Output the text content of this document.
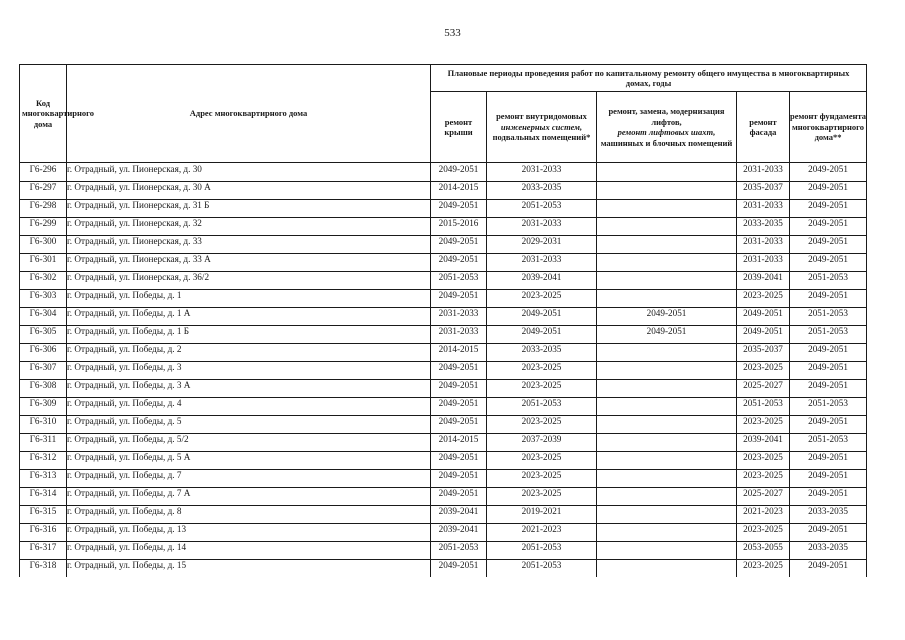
533
Код многоквартирного дома	Адрес многоквартирного дома	Плановые периоды проведения работ по капитальному ремонту общего имущества в многоквартирных домах, годы				
		ремонт крыши	ремонт внутридомовых
инженерных систем,
подвальных помещений*	ремонт, замена, модернизация лифтов,
ремонт лифтовых шахт,
машинных и блочных помещений	ремонт фасада	ремонт фундамента многоквартирного дома**
Г6-296	г. Отрадный, ул. Пионерская, д. 30	2049-2051	2031-2033		2031-2033	2049-2051
Г6-297	г. Отрадный, ул. Пионерская, д. 30 А	2014-2015	2033-2035		2035-2037	2049-2051
Г6-298	г. Отрадный, ул. Пионерская, д. 31 Б	2049-2051	2051-2053		2031-2033	2049-2051
Г6-299	г. Отрадный, ул. Пионерская, д. 32	2015-2016	2031-2033		2033-2035	2049-2051
Г6-300	г. Отрадный, ул. Пионерская, д. 33	2049-2051	2029-2031		2031-2033	2049-2051
Г6-301	г. Отрадный, ул. Пионерская, д. 33 А	2049-2051	2031-2033		2031-2033	2049-2051
Г6-302	г. Отрадный, ул. Пионерская, д. 36/2	2051-2053	2039-2041		2039-2041	2051-2053
Г6-303	г. Отрадный, ул. Победы, д. 1	2049-2051	2023-2025		2023-2025	2049-2051
Г6-304	г. Отрадный, ул. Победы, д. 1 А	2031-2033	2049-2051	2049-2051	2049-2051	2051-2053
Г6-305	г. Отрадный, ул. Победы, д. 1 Б	2031-2033	2049-2051	2049-2051	2049-2051	2051-2053
Г6-306	г. Отрадный, ул. Победы, д. 2	2014-2015	2033-2035		2035-2037	2049-2051
Г6-307	г. Отрадный, ул. Победы, д. 3	2049-2051	2023-2025		2023-2025	2049-2051
Г6-308	г. Отрадный, ул. Победы, д. 3 А	2049-2051	2023-2025		2025-2027	2049-2051
Г6-309	г. Отрадный, ул. Победы, д. 4	2049-2051	2051-2053		2051-2053	2051-2053
Г6-310	г. Отрадный, ул. Победы, д. 5	2049-2051	2023-2025		2023-2025	2049-2051
Г6-311	г. Отрадный, ул. Победы, д. 5/2	2014-2015	2037-2039		2039-2041	2051-2053
Г6-312	г. Отрадный, ул. Победы, д. 5 А	2049-2051	2023-2025		2023-2025	2049-2051
Г6-313	г. Отрадный, ул. Победы, д. 7	2049-2051	2023-2025		2023-2025	2049-2051
Г6-314	г. Отрадный, ул. Победы, д. 7 А	2049-2051	2023-2025		2025-2027	2049-2051
Г6-315	г. Отрадный, ул. Победы, д. 8	2039-2041	2019-2021		2021-2023	2033-2035
Г6-316	г. Отрадный, ул. Победы, д. 13	2039-2041	2021-2023		2023-2025	2049-2051
Г6-317	г. Отрадный, ул. Победы, д. 14	2051-2053	2051-2053		2053-2055	2033-2035
Г6-318	г. Отрадный, ул. Победы, д. 15	2049-2051	2051-2053		2023-2025	2049-2051
